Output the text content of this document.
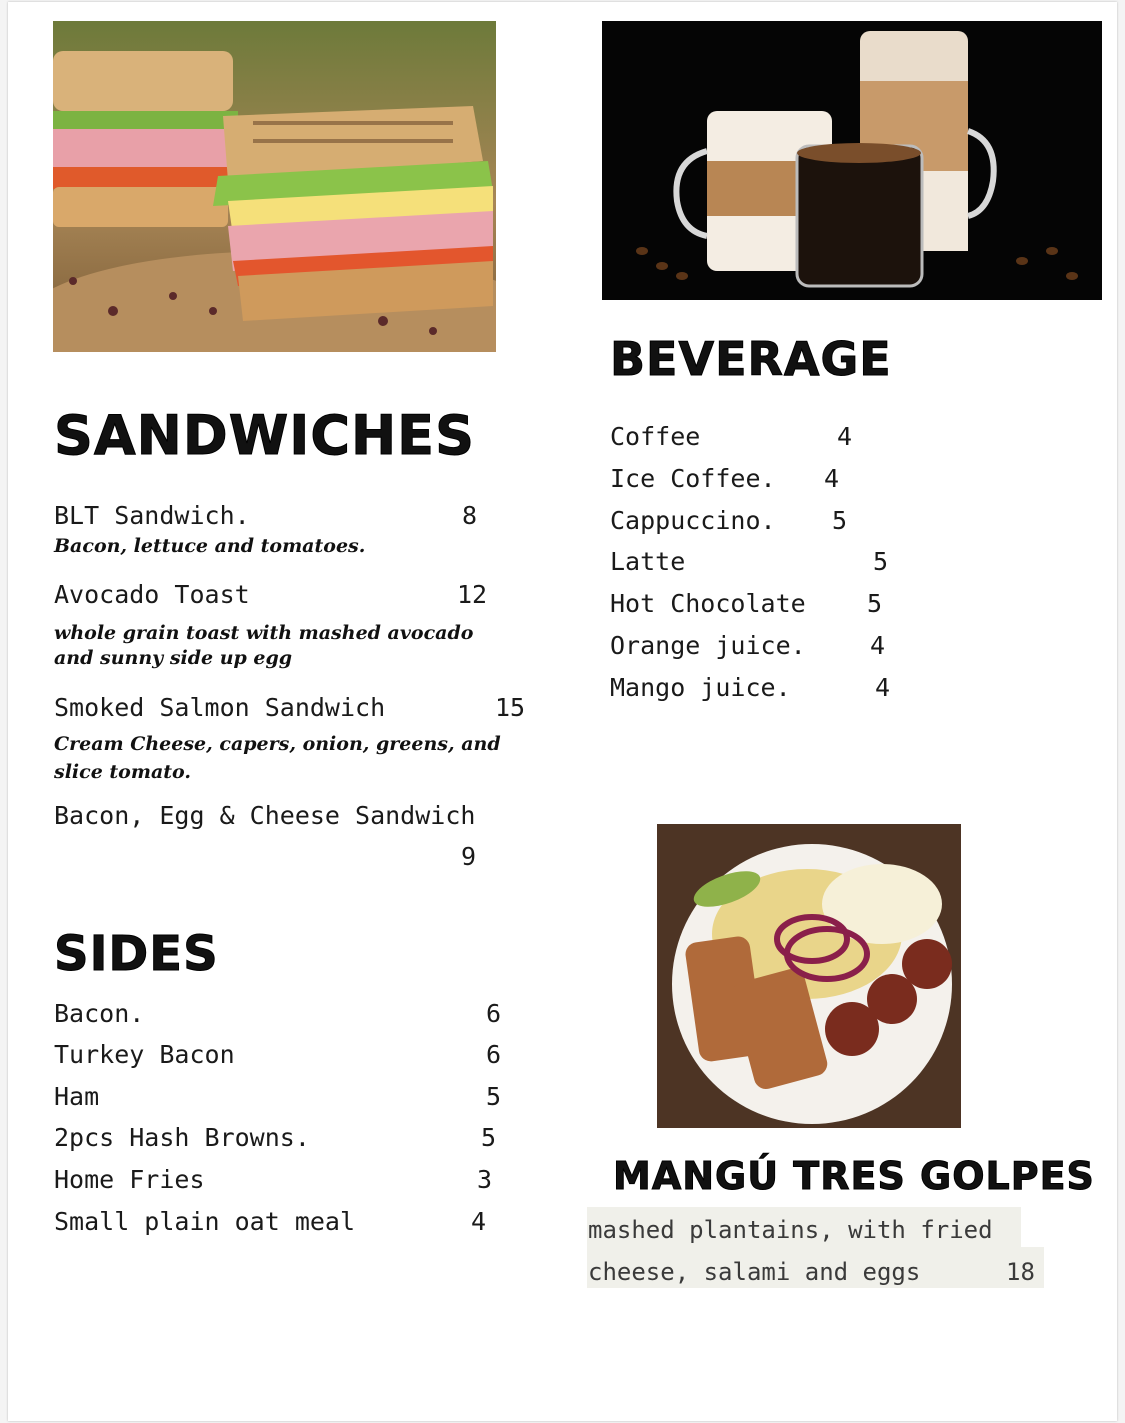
SANDWICHES
BLT Sandwich.	8
Bacon, lettuce and tomatoes.
Avocado Toast	12
whole grain toast with mashed avocado
and sunny side up egg
Smoked Salmon Sandwich	15
Cream Cheese, capers, onion, greens, and
slice tomato.
Bacon, Egg & Cheese Sandwich
9
SIDES
Bacon.	6
Turkey Bacon	6
Ham	5
2pcs Hash Browns.	5
Home Fries	3
Small plain oat meal	4
BEVERAGE
Coffee	4
Ice Coffee. 4
Cappuccino. 5
Latte	5
Hot Chocolate 5
Orange juice.	4
Mango juice.	4
MANGÚ TRES GOLPES
mashed plantains, with fried
cheese, salami and eggs	18
